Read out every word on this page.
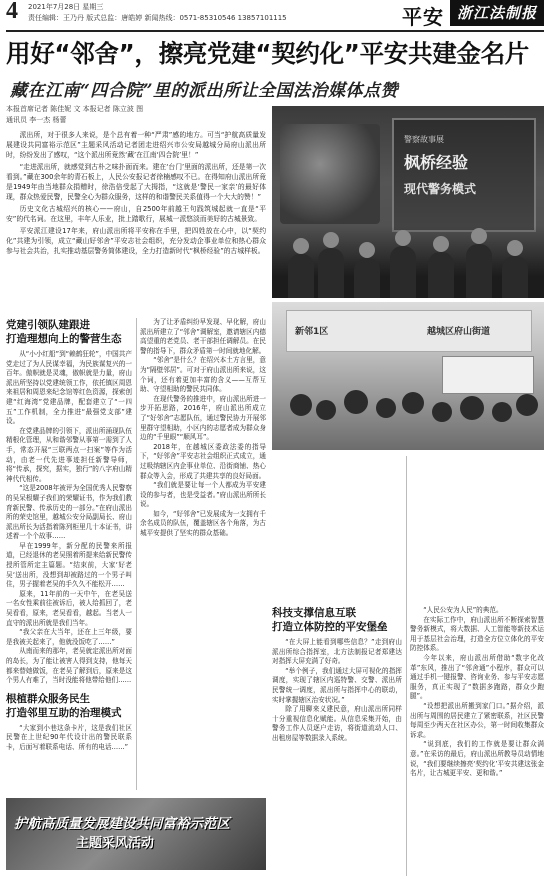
4 2021年7月28日 星期三
责任编辑：王乃丹 版式总监：唐皓婷 新闻热线：0571-85310546 13857101115	平安 浙江法制报
用好“邻舍”，擦亮党建“契约化”平安共建金名片
藏在江南“四合院”里的派出所让全国法治媒体点赞
本报首席记者 陈佳妮 文 本报记者 陈立波 图
通讯员 李一杰 杨蕾

派出所，对于很多人来说，是个总有着一种“严肃”感的地方。可当“护航高质量发展建设共同富裕示范区”主题采风活动记者团走进绍兴市公安局越城分局府山派出所时，纷纷发出了感叹，“这个派出所竟然‘藏’在江南‘四合院’里！”

“走进派出所，就感觉到古朴之味扑面而来。建在‘台门’里面的派出所，还是第一次看到。”藏在300余年的青石板上，人民公安报记者徐楠感叹不已。在得知府山派出所竟是1949年由当地群众捐赠时，徐浩倍受起了大拇指，“这就是‘警民一家亲’的最好体现，群众热爱民警，民警全心为群众服务，这样的和谐警民关系值得一个大大的赞！”

历史文化古城绍兴的核心——府山，自2500年前越王句践筑城起就一直是“平安”的代名词。在这里，丰年人乐业，批上踏歌行，展城一派悠淡而美好的古城景致。

平安派江建设17年来，府山派出所将平安称在手里，把四姓放在心中，以“契约化”共建为引领，成立“藏山好邻舍”平安志社会组织，充分发动企事业单位和热心群众参与社会共治，扎实推动基层警务简体建设，全力打造新时代“枫桥经验”的古城样板。

警察故事展
枫桥经验
现代警务模式
新邻1区	越城区府山街道
党建引领队建跟进
打造理想向上的警营生态

从“小小红船”到“赖鹤狂轮”，中国共产党走过了为人民谋幸福，为民族谋复兴的一百年。傲帜就是灵魂，傲帜就是力量，府山派出所坚持以党建统领工作，依托镇区周恩来祖居和周恩来纪念馆等红色资源，探索创建“红海湾”党建品牌，配套建立了“一四五”工作机制，全力推进“最强党支部”建设。

在党建品牌的引领下，派出所涌现队伍精根化管理，从和谐邻警从事第一需到了人手，常态开展“三联两点一扫案”等作为活动，由老一代先进事迹担任新警导师，将“传承，探究，据实，独行”的八字府山精神代代相传。

“这是2008年被评为全国优秀人民警察的吴呆根耀子我们的荣耀证书，作为我们教育新民警、传承历史的一部分。”在府山派出所的荣史馆里，越城公安分局副局长、府山派出所长为活指着陈列柜里几十本证书，讲述着一个个故事……

早在1999年，新分配的民警来所报道，已经退休的老吴照着所提来给新民警传授所管所定主篇题。“结束前，大家‘好老吴‘送出所，没想到却被路过的一个男子叫住，男子握着老吴的手久久不能松开……

原来，11年前的一天中午，在老吴送一名女性乘前往被诉后，被人给抓回了，老吴看看，原来，老吴看看，越起。当老人一直守的派出所就是我们当年。

“我父亲在大当年，还在上三年级，要是我被关起来了，他就没饭吃了……”

从南而来的那年，老吴就定派出所对面的岛长，为了能让被害人得到支持，他每天都来替她做饭，在老吴了解到后，原来是这个男人有难了，当时没能将他带给他们……

根植群众服务民生
打造邻里互助的治理模式

“大家到小巷这条卡片，这是我们社区民警在上世纪90年代设计出的警民联系卡，后面写着联系电话、所有的电话……”

为了让矛盾纠纷早发现、早化解，府山派出所建立了“邻舍”调解室，邀请辖区内德高望重的老党员、老干部担任调解员。在民警的指导下，群众矛盾第一时间就地化解。

“邻舍”是什么？在绍兴本土方言里，意为“隔壁邻居”。可对于府山派出所来说，这个词，还有着更加丰富的含义——互帮互助、守望相助的警民共同体。

在现代警务的推进中，府山派出所进一步开拓思路，2016年，府山派出所成立了“好邻舍”志愿队伍，通过警民协力开展邻里群守望相助，小区内的志愿者成为群众身边的“千里眼”“顺风耳”。

2018年，在越城区委政法委的指导下，“好邻舍”平安志社会组织正式成立，通过吸纳辖区内企事业单位、沿街商铺、热心群众等入会，形成了共建共享的良好局面。

“我们就是要让每一个人都成为平安建设的参与者，也是受益者。”府山派出所所长说。

如今，“好邻舍”已发展成为一支拥有千余名成员的队伍，覆盖辖区各个角落，为古城平安提供了坚实的群众基础。

科技支撑信息互联
打造立体防控的平安堡垒

“在大屏上能看到哪些信息？”走到府山派出所综合指挥室，北方法制报记者郑建达对指挥大屏充满了好奇。

“举个例子，我们通过大屏可视化的指挥调度，实现了辖区内巡特警、交警、派出所民警统一调度，派出所与指挥中心的联动，实时掌握辖区治安状况。”

除了用聊来义建民意，府山派出所同样十分重视信息化赋能。从信息采集开始，由警务工作人员逐户走访，将街道流动人口、出租房屋等数据录入系统。

“人民公安为人民”的典范。

在实际工作中，府山派出所不断探索智慧警务新模式，将大数据、人工智能等新技术运用于基层社会治理，打造全方位立体化的平安防控体系。

今年以来，府山派出所借助“数字化改革”东风，推出了“邻舍通”小程序，群众可以通过手机一键报警、咨询业务、参与平安志愿服务，真正实现了“数据多跑路，群众少跑腿”。

“设想把派出所搬到家门口。”据介绍，派出所与周围的居民建立了紧密联系，社区民警每周至少两天在社区办公，第一时间收集群众诉求。

“说到底，我们的工作就是要让群众满意。”在采访的最后，府山派出所教导员动情地说，“我们要继续擦亮‘契约化’平安共建这张金名片，让古城更平安、更和谐。”

护航高质量发展建设共同富裕示范区
主题采风活动
